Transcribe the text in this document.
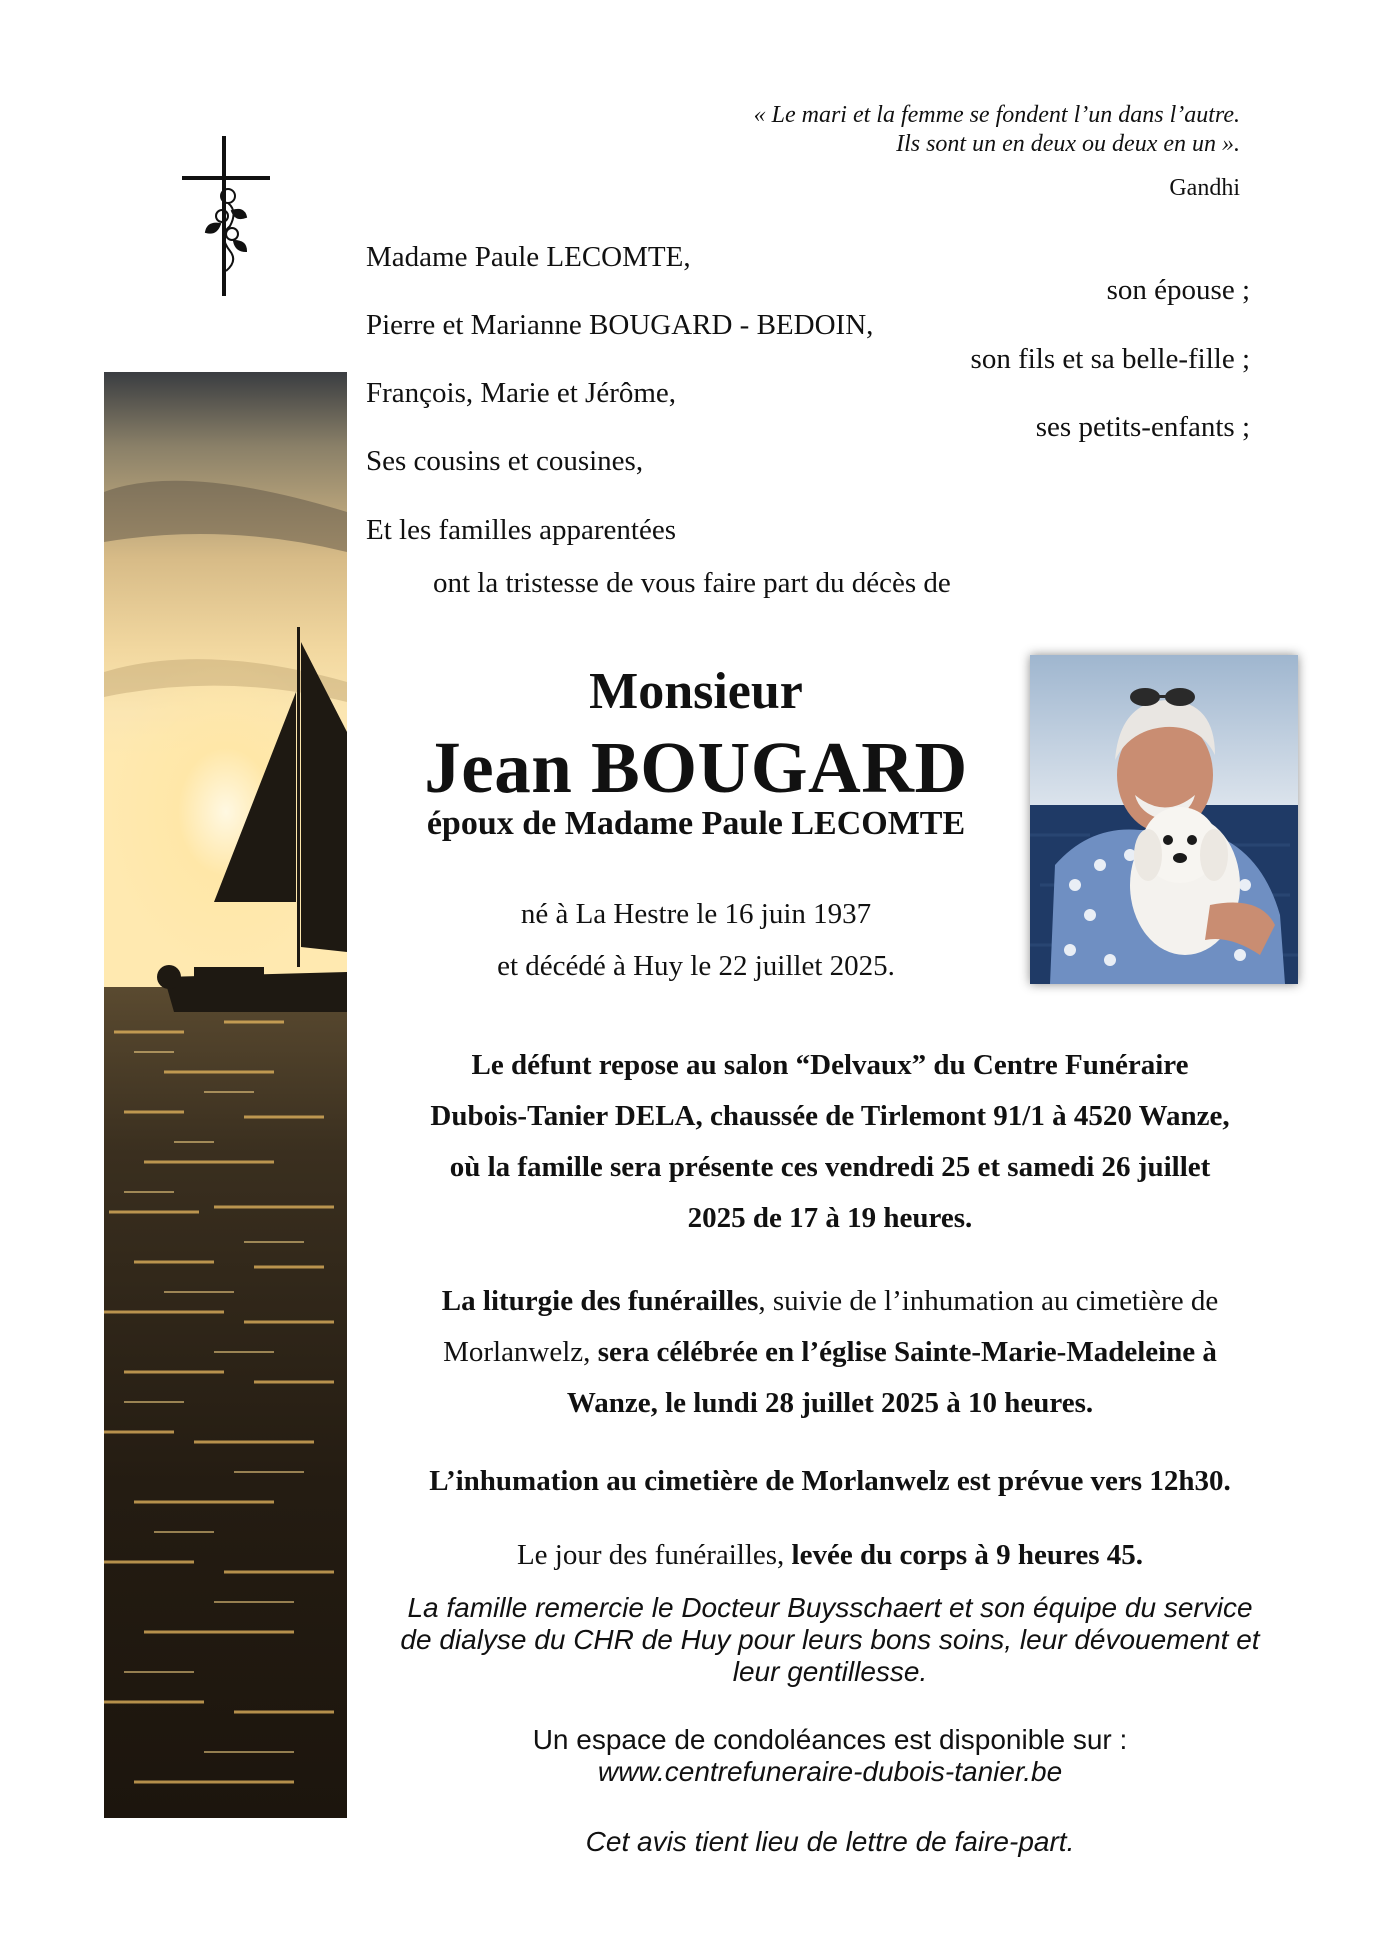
« Le mari et la femme se fondent l’un dans l’autre.
Ils sont un en deux ou deux en un ».
Gandhi
Madame Paule LECOMTE,
son épouse ;
Pierre et Marianne BOUGARD - BEDOIN,
son fils et sa belle-fille ;
François, Marie et Jérôme,
ses petits-enfants ;
Ses cousins et cousines,
Et les familles apparentées
ont la tristesse de vous faire part du décès de
Monsieur
Jean BOUGARD
époux de Madame Paule LECOMTE
né à La Hestre le 16 juin 1937
et décédé à Huy le 22 juillet 2025.
Le défunt repose au salon “Delvaux” du Centre Funéraire
Dubois-Tanier DELA, chaussée de Tirlemont 91/1 à 4520 Wanze,
où la famille sera présente ces vendredi 25 et samedi 26 juillet
2025 de 17 à 19 heures.
La liturgie des funérailles, suivie de l’inhumation au cimetière de
Morlanwelz, sera célébrée en l’église Sainte-Marie-Madeleine à
Wanze, le lundi 28 juillet 2025 à 10 heures.
L’inhumation au cimetière de Morlanwelz est prévue vers 12h30.
Le jour des funérailles, levée du corps à 9 heures 45.
La famille remercie le Docteur Buysschaert et son équipe du service
de dialyse du CHR de Huy pour leurs bons soins, leur dévouement et
leur gentillesse.
Un espace de condoléances est disponible sur :
www.centrefuneraire-dubois-tanier.be
Cet avis tient lieu de lettre de faire-part.
